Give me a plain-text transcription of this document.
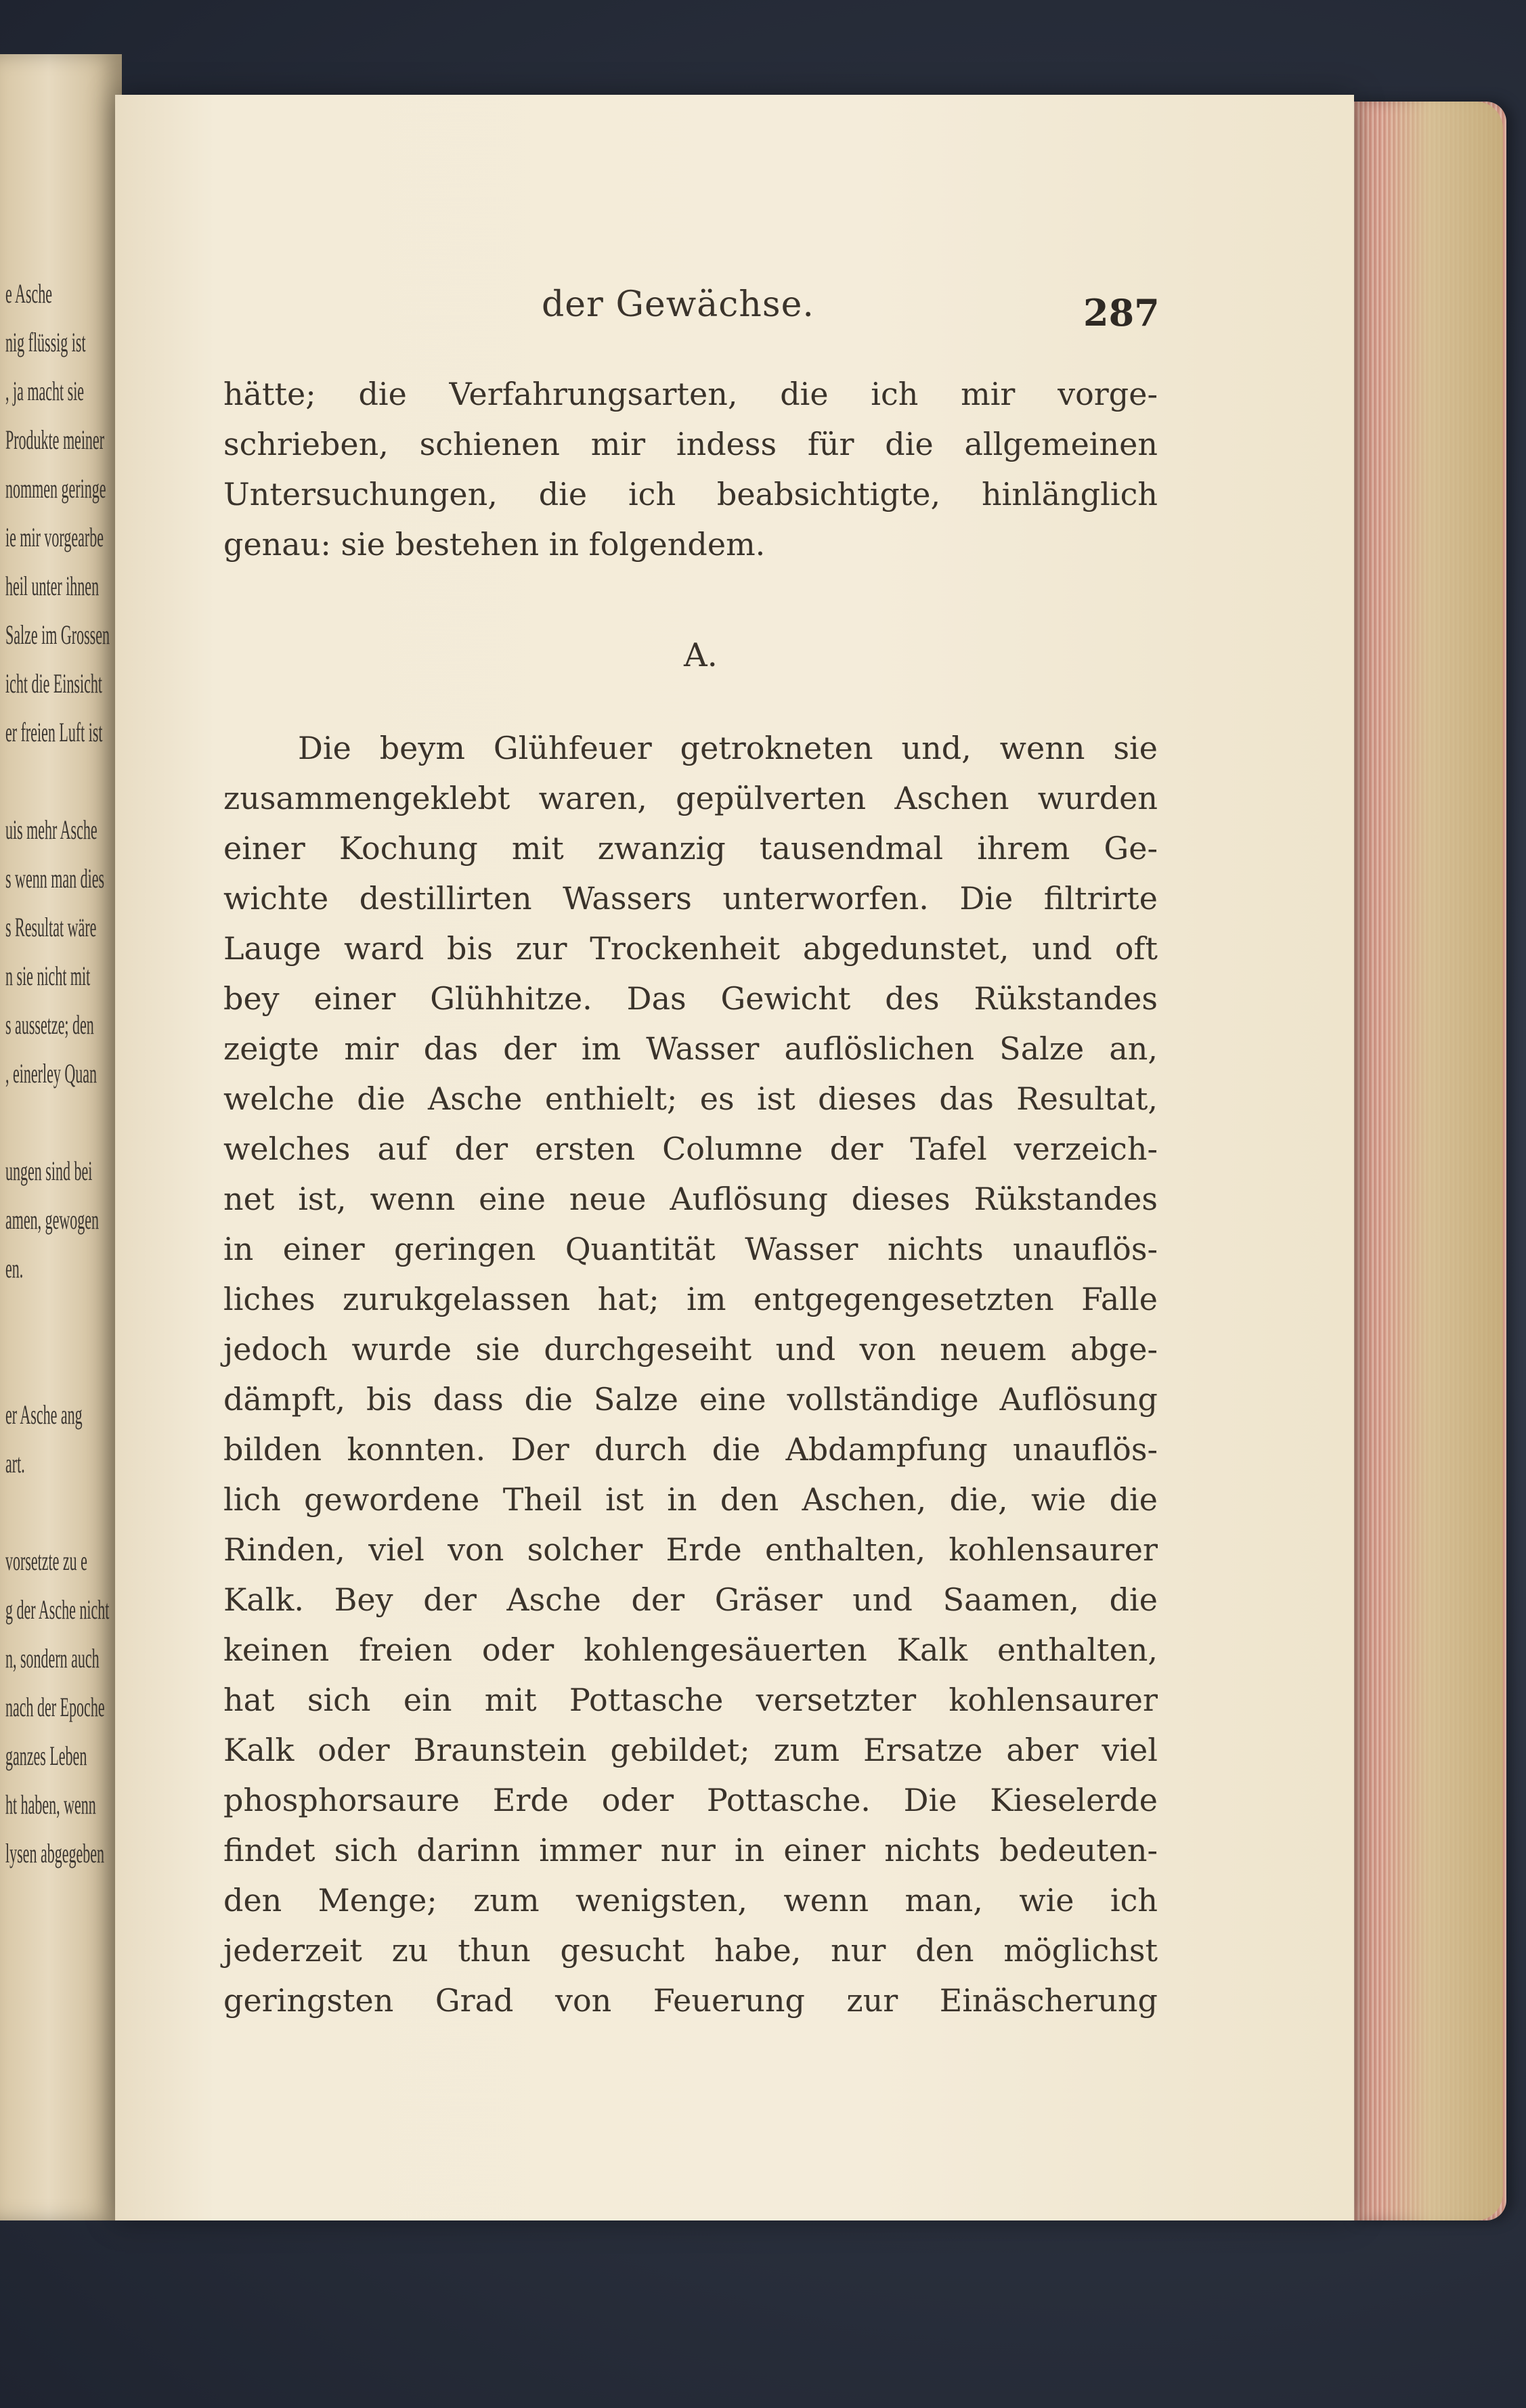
e Asche
nig flüssig ist
, ja macht sie
Produkte meiner
nommen geringe
ie mir vorgearbe
heil unter ihnen
Salze im Grossen
icht die Einsicht
er freien Luft ist
uis mehr Asche
s wenn man dies
s Resultat wäre
n sie nicht mit
s aussetze; den
, einerley Quan
ungen sind bei
amen, gewogen
en.
er Asche ang
art.
vorsetzte zu e
g der Asche nicht
n, sondern auch
nach der Epoche
ganzes Leben
ht haben, wenn
lysen abgegeben
der Gewächse.	287
hätte; die Verfahrungsarten, die ich mir vorge-
schrieben, schienen mir indess für die allgemeinen
Untersuchungen, die ich beabsichtigte, hinlänglich
genau: sie bestehen in folgendem.
A.
Die beym Glühfeuer getrokneten und, wenn sie
zusammengeklebt waren, gepülverten Aschen wurden
einer Kochung mit zwanzig tausendmal ihrem Ge-
wichte destillirten Wassers unterworfen. Die filtrirte
Lauge ward bis zur Trockenheit abgedunstet, und oft
bey einer Glühhitze. Das Gewicht des Rükstandes
zeigte mir das der im Wasser auflöslichen Salze an,
welche die Asche enthielt; es ist dieses das Resultat,
welches auf der ersten Columne der Tafel verzeich-
net ist, wenn eine neue Auflösung dieses Rükstandes
in einer geringen Quantität Wasser nichts unauflös-
liches zurukgelassen hat; im entgegengesetzten Falle
jedoch wurde sie durchgeseiht und von neuem abge-
dämpft, bis dass die Salze eine vollständige Auflösung
bilden konnten. Der durch die Abdampfung unauflös-
lich gewordene Theil ist in den Aschen, die, wie die
Rinden, viel von solcher Erde enthalten, kohlensaurer
Kalk. Bey der Asche der Gräser und Saamen, die
keinen freien oder kohlengesäuerten Kalk enthalten,
hat sich ein mit Pottasche versetzter kohlensaurer
Kalk oder Braunstein gebildet; zum Ersatze aber viel
phosphorsaure Erde oder Pottasche. Die Kieselerde
findet sich darinn immer nur in einer nichts bedeuten-
den Menge; zum wenigsten, wenn man, wie ich
jederzeit zu thun gesucht habe, nur den möglichst
geringsten Grad von Feuerung zur Einäscherung
